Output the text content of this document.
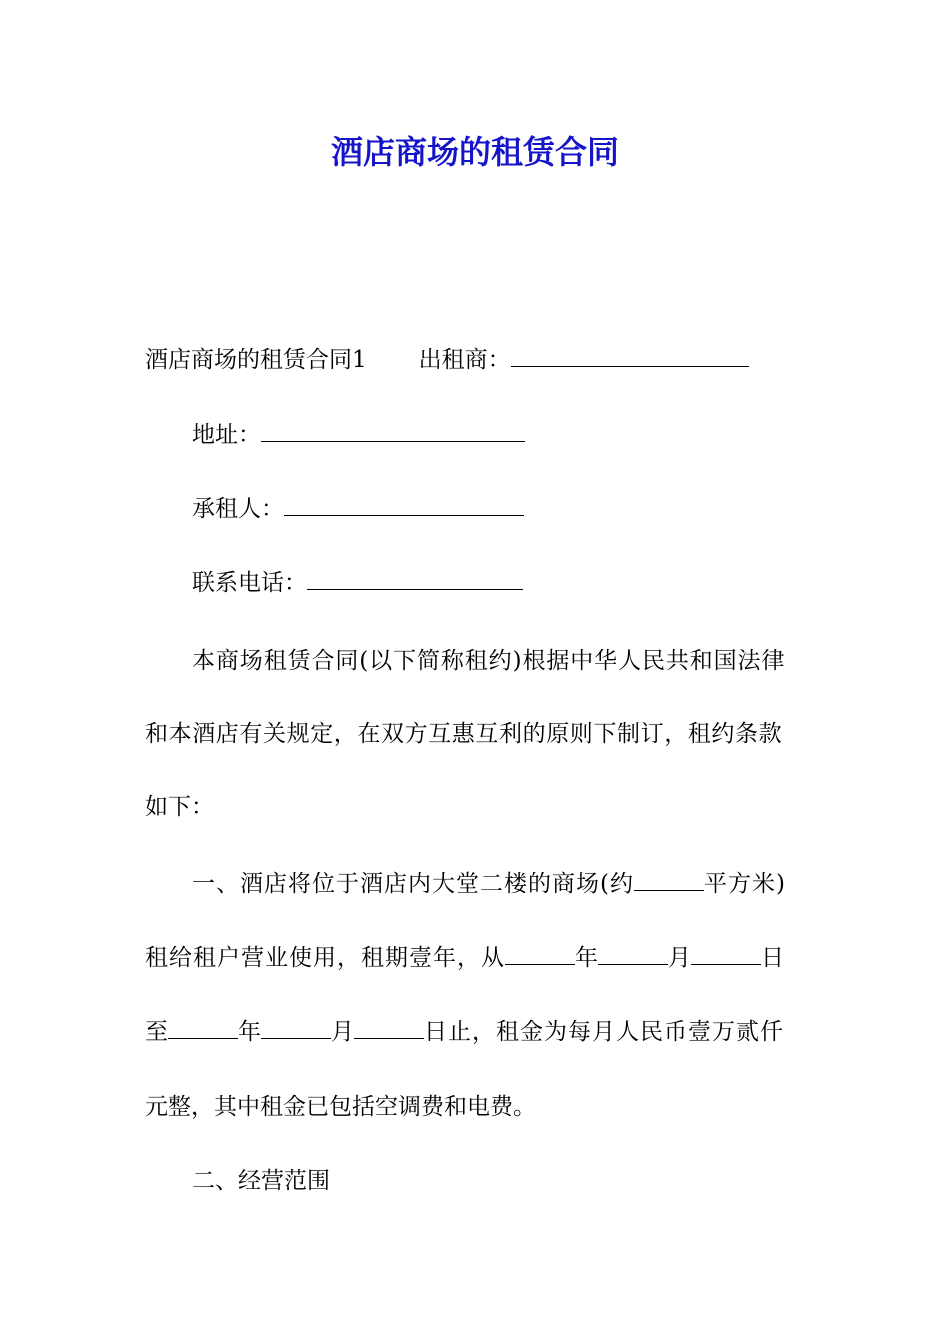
酒店商场的租赁合同
酒店商场的租赁合同1 出租商：
地址：
承租人：
联系电话：
本商场租赁合同(以下简称租约)根据中华人民共和国法律
和本酒店有关规定，在双方互惠互利的原则下制订，租约条款
如下：
一、酒店将位于酒店内大堂二楼的商场(约	平方米)
租给租户营业使用，租期壹年，从	年	月	日
至	年	月	日止，租金为每月人民币壹万贰仟
元整，其中租金已包括空调费和电费。
二、经营范围
